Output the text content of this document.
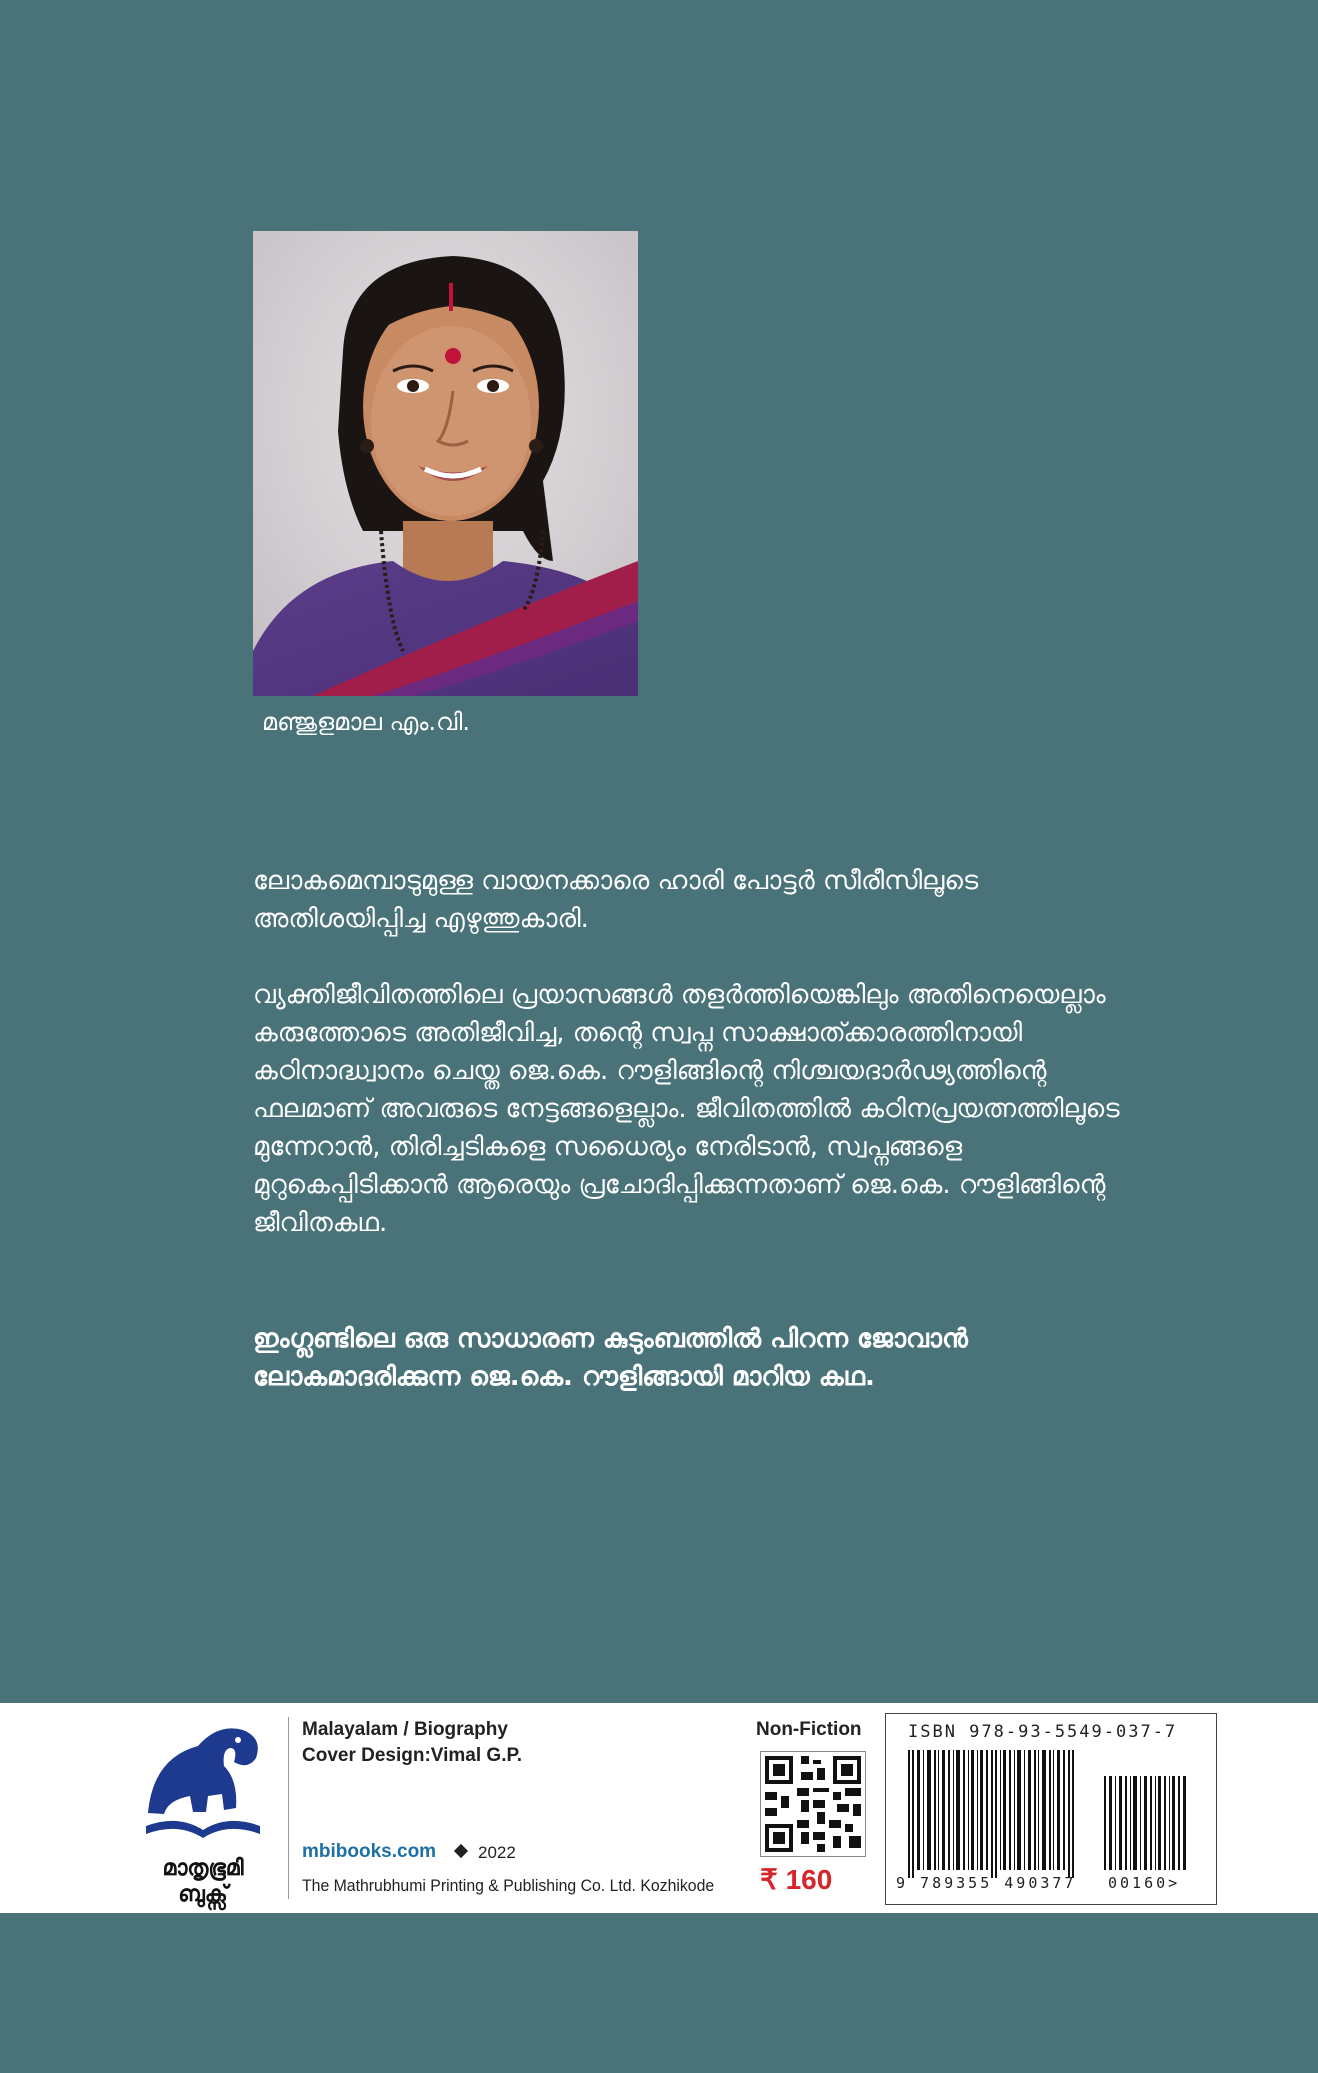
മഞ്ജുളമാല എം.വി.

ലോകമെമ്പാടുമുള്ള വായനക്കാരെ ഹാരി പോട്ടർ സീരീസിലൂടെ അതിശയിപ്പിച്ച എഴുത്തുകാരി.

വ്യക്തിജീവിതത്തിലെ പ്രയാസങ്ങൾ തളർത്തിയെങ്കിലും അതിനെയെല്ലാം കരുത്തോടെ അതിജീവിച്ച, തന്റെ സ്വപ്ന സാക്ഷാത്ക്കാരത്തിനായി കഠിനാദ്ധ്വാനം ചെയ്ത ജെ.കെ. റൗളിങ്ങിന്റെ നിശ്ചയദാർഢ്യത്തിന്റെ ഫലമാണ് അവരുടെ നേട്ടങ്ങളെല്ലാം. ജീവിതത്തിൽ കഠിനപ്രയത്നത്തിലൂടെ മുന്നേറാൻ, തിരിച്ചടികളെ സധൈര്യം നേരിടാൻ, സ്വപ്നങ്ങളെ മുറുകെപ്പിടിക്കാൻ ആരെയും പ്രചോദിപ്പിക്കുന്നതാണ് ജെ.കെ. റൗളിങ്ങിന്റെ ജീവിതകഥ.

ഇംഗ്ലണ്ടിലെ ഒരു സാധാരണ കുടുംബത്തിൽ പിറന്ന ജോവാൻ ലോകമാദരിക്കുന്ന ജെ.കെ. റൗളിങ്ങായി മാറിയ കഥ.

മാതൃഭൂമി ബുക്സ്
Malayalam / Biography
Cover Design:Vimal G.P.
mbibooks.com 2022
The Mathrubhumi Printing & Publishing Co. Ltd. Kozhikode
Non-Fiction
₹ 160
ISBN 978-93-5549-037-7
9 789355 490377 00160>
